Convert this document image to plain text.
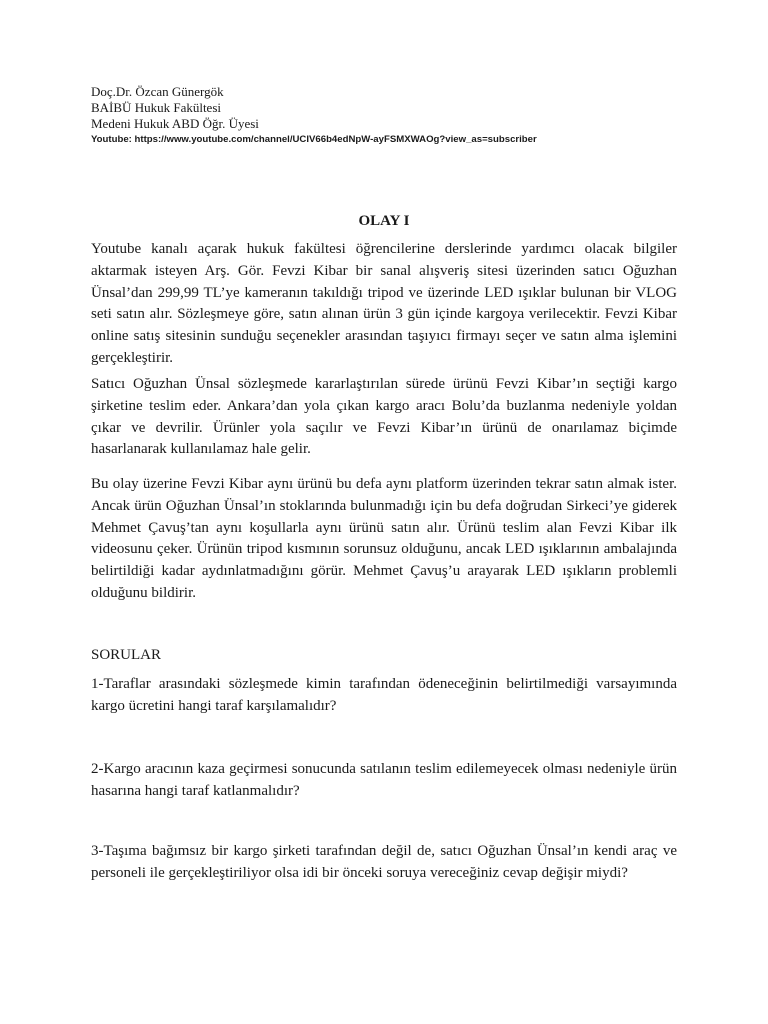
Doç.Dr. Özcan Günergök

BAİBÜ Hukuk Fakültesi

Medeni Hukuk ABD Öğr. Üyesi

Youtube: https://www.youtube.com/channel/UCIV66b4edNpW-ayFSMXWAOg?view_as=subscriber

OLAY I

Youtube kanalı açarak hukuk fakültesi öğrencilerine derslerinde yardımcı olacak bilgiler aktarmak isteyen Arş. Gör. Fevzi Kibar bir sanal alışveriş sitesi üzerinden satıcı Oğuzhan Ünsal’dan 299,99 TL’ye kameranın takıldığı tripod ve üzerinde LED ışıklar bulunan bir VLOG seti satın alır. Sözleşmeye göre, satın alınan ürün 3 gün içinde kargoya verilecektir. Fevzi Kibar online satış sitesinin sunduğu seçenekler arasından taşıyıcı firmayı seçer ve satın alma işlemini gerçekleştirir.

Satıcı Oğuzhan Ünsal sözleşmede kararlaştırılan sürede ürünü Fevzi Kibar’ın seçtiği kargo şirketine teslim eder. Ankara’dan yola çıkan kargo aracı Bolu’da buzlanma nedeniyle yoldan çıkar ve devrilir. Ürünler yola saçılır ve Fevzi Kibar’ın ürünü de onarılamaz biçimde hasarlanarak kullanılamaz hale gelir.

Bu olay üzerine Fevzi Kibar aynı ürünü bu defa aynı platform üzerinden tekrar satın almak ister. Ancak ürün Oğuzhan Ünsal’ın stoklarında bulunmadığı için bu defa doğrudan Sirkeci’ye giderek Mehmet Çavuş’tan aynı koşullarla aynı ürünü satın alır. Ürünü teslim alan Fevzi Kibar ilk videosunu çeker. Ürünün tripod kısmının sorunsuz olduğunu, ancak LED ışıklarının ambalajında belirtildiği kadar aydınlatmadığını görür. Mehmet Çavuş’u arayarak LED ışıkların problemli olduğunu bildirir.

SORULAR

1-Taraflar arasındaki sözleşmede kimin tarafından ödeneceğinin belirtilmediği varsayımında kargo ücretini hangi taraf karşılamalıdır?

2-Kargo aracının kaza geçirmesi sonucunda satılanın teslim edilemeyecek olması nedeniyle ürün hasarına hangi taraf katlanmalıdır?

3-Taşıma bağımsız bir kargo şirketi tarafından değil de, satıcı Oğuzhan Ünsal’ın kendi araç ve personeli ile gerçekleştiriliyor olsa idi bir önceki soruya vereceğiniz cevap değişir miydi?
